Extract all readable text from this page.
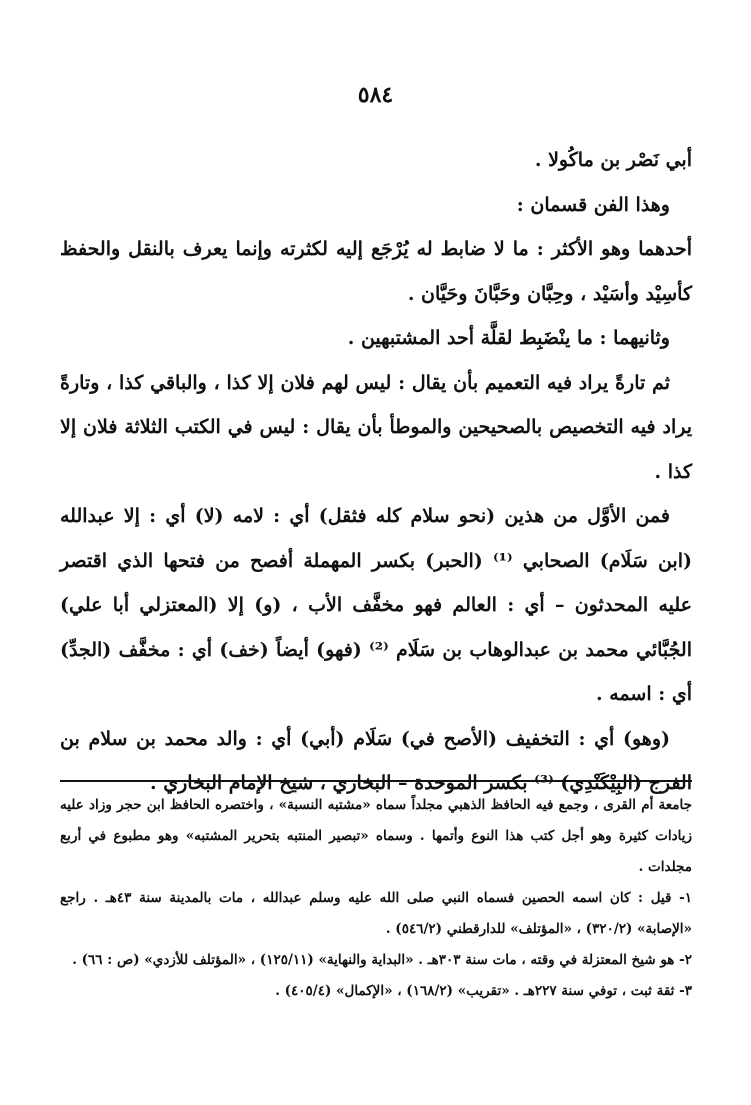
٥٨٤

أبي نَصْر بن ماكُولا .

وهذا الفن قسمان :

أحدهما وهو الأكثر : ما لا ضابط له يُرْجَع إليه لكثرته وإنما يعرف بالنقل والحفظ كأسِيْد وأسَيْد ، وحِبَّان وحَبَّانَ وحَيَّان .

وثانيهما : ما ينْضَبِط لقلَّة أحد المشتبهين .

ثم تارةً يراد فيه التعميم بأن يقال : ليس لهم فلان إلا كذا ، والباقي كذا ، وتارةً يراد فيه التخصيص بالصحيحين والموطأ بأن يقال : ليس في الكتب الثلاثة فلان إلا كذا .

فمن الأوَّل من هذين (نحو سلام كله فثقل) أي : لامه (لا) أي : إلا عبدالله (ابن سَلَام) الصحابي ⁽¹⁾ (الحبر) بكسر المهملة أفصح من فتحها الذي اقتصر عليه المحدثون – أي : العالم فهو مخفَّف الأب ، (و) إلا (المعتزلي أبا علي) الجُبَّائي محمد بن عبدالوهاب بن سَلَام ⁽²⁾ (فهو) أيضاً (خف) أي : مخفَّف (الجدِّ) أي : اسمه .

(وهو) أي : التخفيف (الأصح في) سَلَام (أبي) أي : والد محمد بن سلام بن الفرج (البِيْكَنْدِي) ⁽³⁾ بكسر الموحدة – البخاري ، شيخ الإمام البخاري .

جامعة أم القرى ، وجمع فيه الحافظ الذهبي مجلداً سماه «مشتبه النسبة» ، واختصره الحافظ ابن حجر وزاد عليه زيادات كثيرة وهو أجل كتب هذا النوع وأتمها . وسماه «تبصير المنتبه بتحرير المشتبه» وهو مطبوع في أربع مجلدات .

١- قيل : كان اسمه الحصين فسماه النبي صلى الله عليه وسلم عبدالله ، مات بالمدينة سنة ٤٣هـ . راجع «الإصابة» (٣٢٠/٢) ، «المؤتلف» للدارقطني (٥٤٦/٢) .

٢- هو شيخ المعتزلة في وقته ، مات سنة ٣٠٣هـ . «البداية والنهاية» (١٢٥/١١) ، «المؤتلف للأزدي» (ص : ٦٦) .

٣- ثقة ثبت ، توفي سنة ٢٢٧هـ . «تقريب» (١٦٨/٢) ، «الإكمال» (٤٠٥/٤) .
